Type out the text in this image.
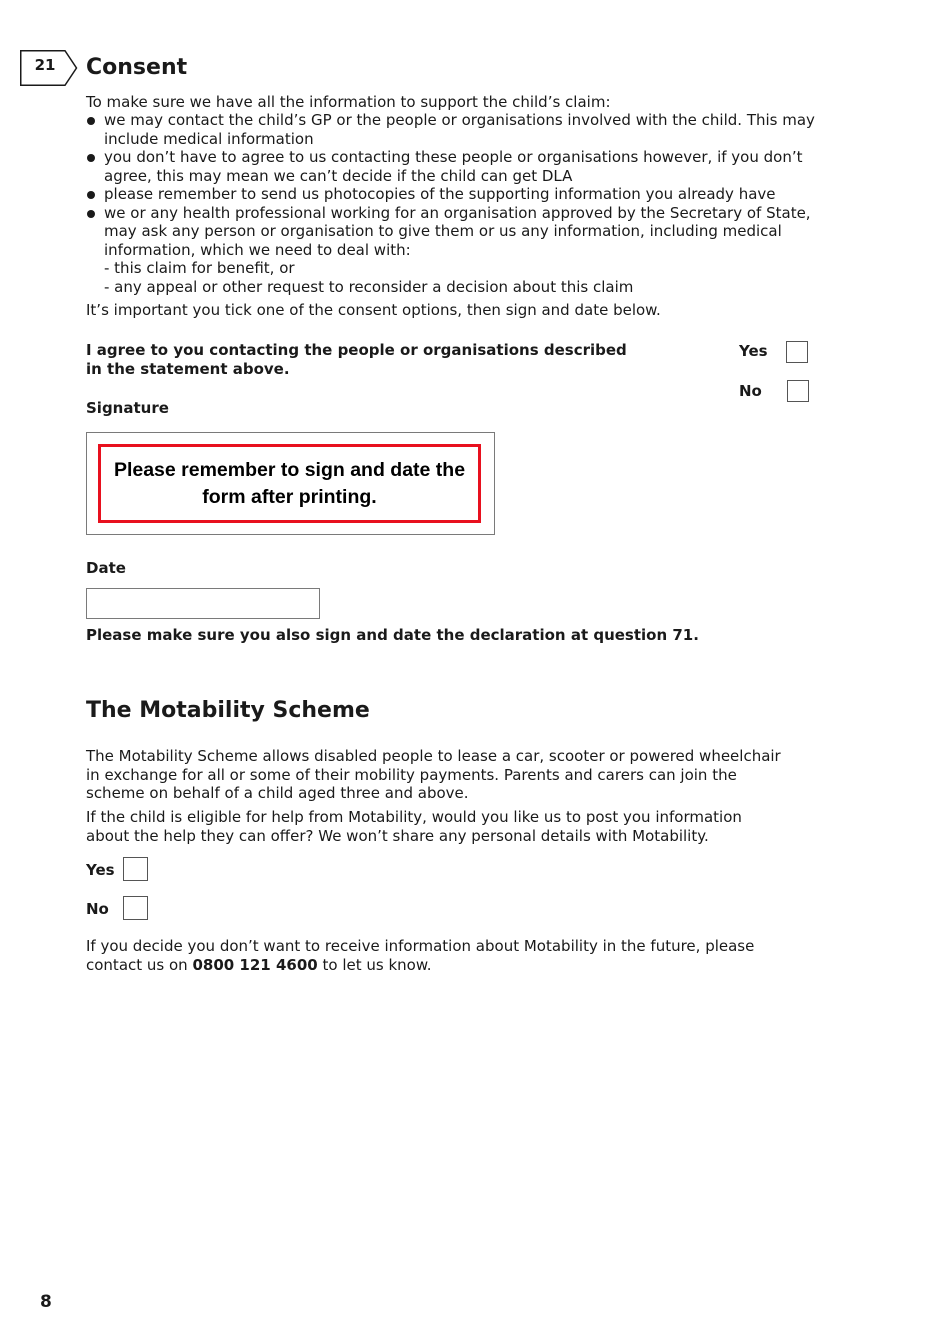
21	Consent
To make sure we have all the information to support the child’s claim:
we may contact the child’s GP or the people or organisations involved with the child. This may include medical information
you don’t have to agree to us contacting these people or organisations however, if you don’t agree, this may mean we can’t decide if the child can get DLA
please remember to send us photocopies of the supporting information you already have
we or any health professional working for an organisation approved by the Secretary of State, may ask any person or organisation to give them or us any information, including medical information, which we need to deal with:
- this claim for benefit, or
- any appeal or other request to reconsider a decision about this claim
It’s important you tick one of the consent options, then sign and date below.
I agree to you contacting the people or organisations described in the statement above.
Yes
No
Signature
Please remember to sign and date the form after printing.
Date
Please make sure you also sign and date the declaration at question 71.
The Motability Scheme
The Motability Scheme allows disabled people to lease a car, scooter or powered wheelchair in exchange for all or some of their mobility payments. Parents and carers can join the scheme on behalf of a child aged three and above.
If the child is eligible for help from Motability, would you like us to post you information about the help they can offer? We won’t share any personal details with Motability.
Yes
No
If you decide you don’t want to receive information about Motability in the future, please contact us on 0800 121 4600 to let us know.
8
